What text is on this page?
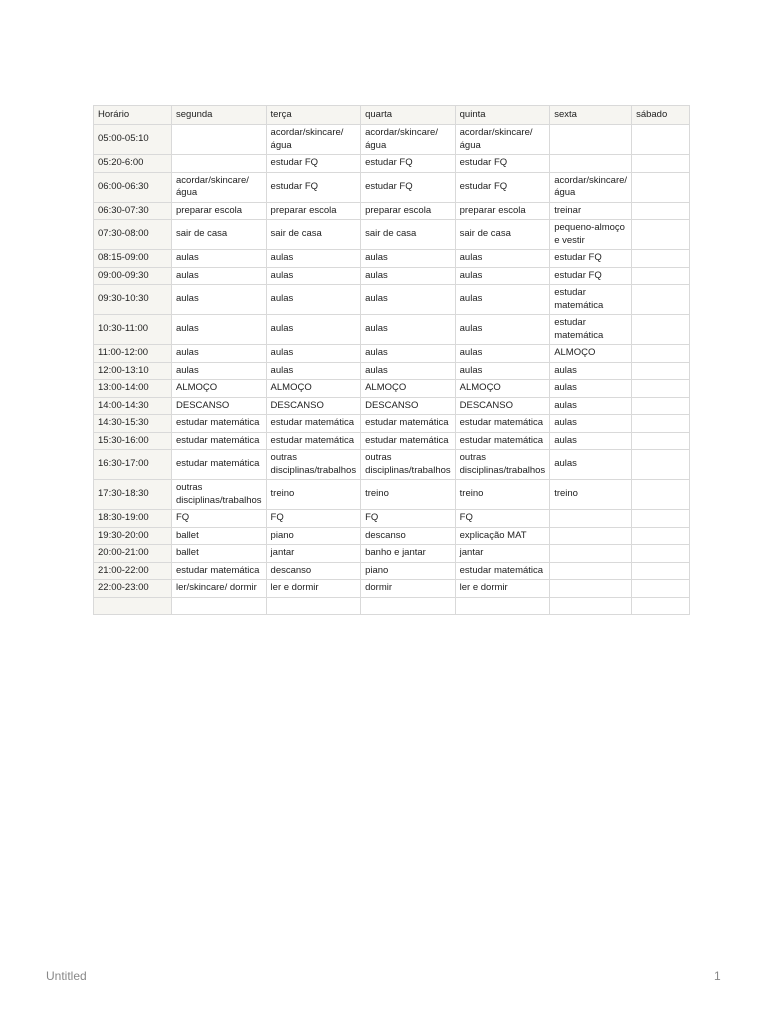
Horário	segunda	terça	quarta	quinta	sexta	sábado
05:00-05:10		acordar/skincare/ água	acordar/skincare/ água	acordar/skincare/ água		
05:20-6:00		estudar FQ	estudar FQ	estudar FQ		
06:00-06:30	acordar/skincare/ água	estudar FQ	estudar FQ	estudar FQ	acordar/skincare/ água	
06:30-07:30	preparar escola	preparar escola	preparar escola	preparar escola	treinar	
07:30-08:00	sair de casa	sair de casa	sair de casa	sair de casa	pequeno-almoço e vestir	
08:15-09:00	aulas	aulas	aulas	aulas	estudar FQ	
09:00-09:30	aulas	aulas	aulas	aulas	estudar FQ	
09:30-10:30	aulas	aulas	aulas	aulas	estudar matemática	
10:30-11:00	aulas	aulas	aulas	aulas	estudar matemática	
11:00-12:00	aulas	aulas	aulas	aulas	ALMOÇO	
12:00-13:10	aulas	aulas	aulas	aulas	aulas	
13:00-14:00	ALMOÇO	ALMOÇO	ALMOÇO	ALMOÇO	aulas	
14:00-14:30	DESCANSO	DESCANSO	DESCANSO	DESCANSO	aulas	
14:30-15:30	estudar matemática	estudar matemática	estudar matemática	estudar matemática	aulas	
15:30-16:00	estudar matemática	estudar matemática	estudar matemática	estudar matemática	aulas	
16:30-17:00	estudar matemática	outras disciplinas/trabalhos	outras disciplinas/trabalhos	outras disciplinas/trabalhos	aulas	
17:30-18:30	outras disciplinas/trabalhos	treino	treino	treino	treino	
18:30-19:00	FQ	FQ	FQ	FQ		
19:30-20:00	ballet	piano	descanso	explicação MAT		
20:00-21:00	ballet	jantar	banho e jantar	jantar		
21:00-22:00	estudar matemática	descanso	piano	estudar matemática		
22:00-23:00	ler/skincare/ dormir	ler e dormir	dormir	ler e dormir		

Untitled	1
